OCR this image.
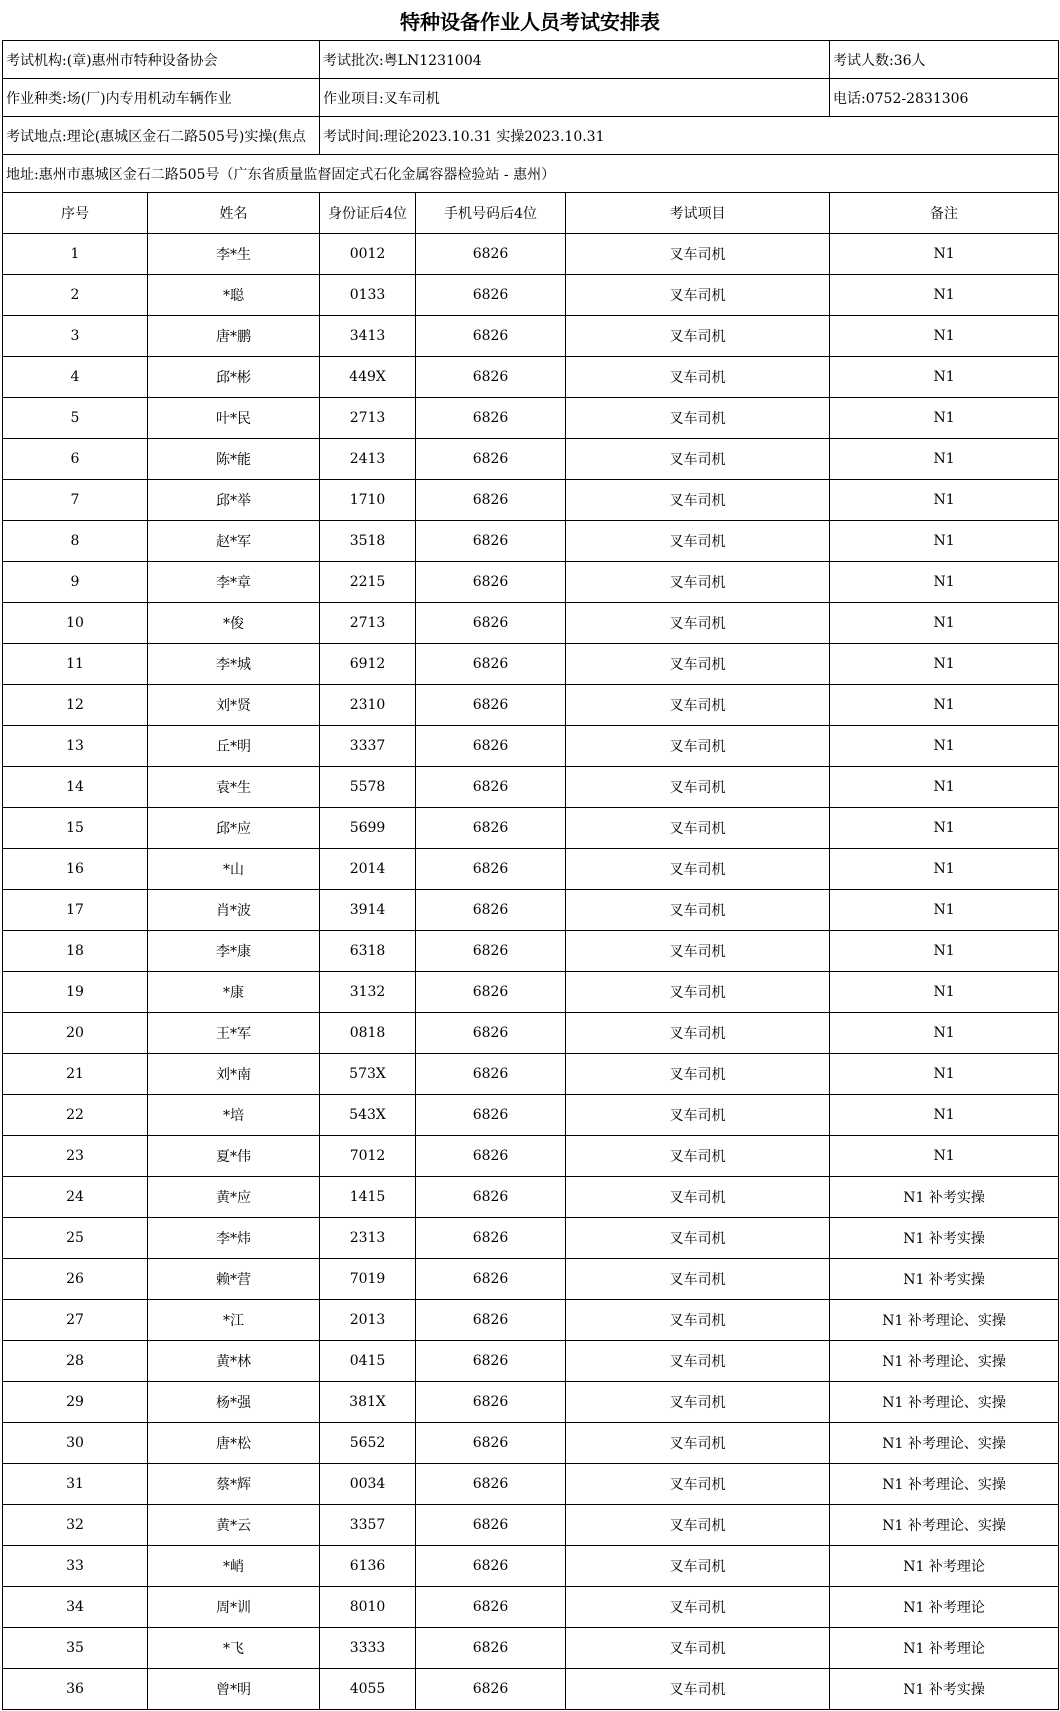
特种设备作业人员考试安排表
考试机构:(章)惠州市特种设备协会		考试批次:粤LN1231004			考试人数:36人
作业种类:场(厂)内专用机动车辆作业		作业项目:叉车司机			电话:0752-2831306
考试地点:理论(惠城区金石二路505号)实操(焦点		考试时间:理论2023.10.31 实操2023.10.31			
地址:惠州市惠城区金石二路505号（广东省质量监督固定式石化金属容器检验站 - 惠州）					
序号	姓名	身份证后4位	手机号码后4位	考试项目	备注
1	李*生	0012	6826	叉车司机	N1
2	*聪	0133	6826	叉车司机	N1
3	唐*鹏	3413	6826	叉车司机	N1
4	邱*彬	449X	6826	叉车司机	N1
5	叶*民	2713	6826	叉车司机	N1
6	陈*能	2413	6826	叉车司机	N1
7	邱*举	1710	6826	叉车司机	N1
8	赵*军	3518	6826	叉车司机	N1
9	李*章	2215	6826	叉车司机	N1
10	*俊	2713	6826	叉车司机	N1
11	李*城	6912	6826	叉车司机	N1
12	刘*贤	2310	6826	叉车司机	N1
13	丘*明	3337	6826	叉车司机	N1
14	袁*生	5578	6826	叉车司机	N1
15	邱*应	5699	6826	叉车司机	N1
16	*山	2014	6826	叉车司机	N1
17	肖*波	3914	6826	叉车司机	N1
18	李*康	6318	6826	叉车司机	N1
19	*康	3132	6826	叉车司机	N1
20	王*军	0818	6826	叉车司机	N1
21	刘*南	573X	6826	叉车司机	N1
22	*培	543X	6826	叉车司机	N1
23	夏*伟	7012	6826	叉车司机	N1
24	黄*应	1415	6826	叉车司机	N1 补考实操
25	李*炜	2313	6826	叉车司机	N1 补考实操
26	赖*营	7019	6826	叉车司机	N1 补考实操
27	*江	2013	6826	叉车司机	N1 补考理论、实操
28	黄*林	0415	6826	叉车司机	N1 补考理论、实操
29	杨*强	381X	6826	叉车司机	N1 补考理论、实操
30	唐*松	5652	6826	叉车司机	N1 补考理论、实操
31	蔡*辉	0034	6826	叉车司机	N1 补考理论、实操
32	黄*云	3357	6826	叉车司机	N1 补考理论、实操
33	*峭	6136	6826	叉车司机	N1 补考理论
34	周*训	8010	6826	叉车司机	N1 补考理论
35	*飞	3333	6826	叉车司机	N1 补考理论
36	曾*明	4055	6826	叉车司机	N1 补考实操
